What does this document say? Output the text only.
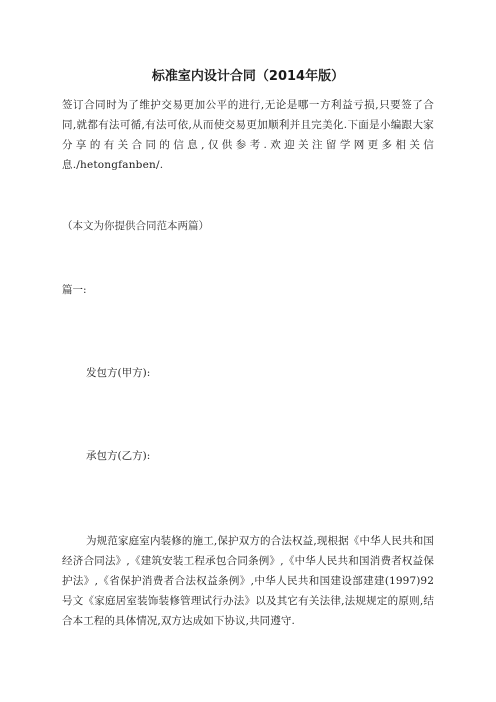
标准室内设计合同（2014年版）

签订合同时为了维护交易更加公平的进行,无论是哪一方利益亏损,只要签了合同,就都有法可循,有法可依,从而使交易更加顺利并且完美化.下面是小编跟大家分享的有关合同的信息,仅供参考.欢迎关注留学网更多相关信息./hetongfanben/.

（本文为你提供合同范本两篇）

篇一:

发包方(甲方):

承包方(乙方):

为规范家庭室内装修的施工,保护双方的合法权益,现根据《中华人民共和国经济合同法》,《建筑安装工程承包合同条例》,《中华人民共和国消费者权益保护法》,《省保护消费者合法权益条例》,中华人民共和国建设部建建(1997)92 号文《家庭居室装饰装修管理试行办法》以及其它有关法律,法规规定的原则,结合本工程的具体情况,双方达成如下协议,共同遵守.
